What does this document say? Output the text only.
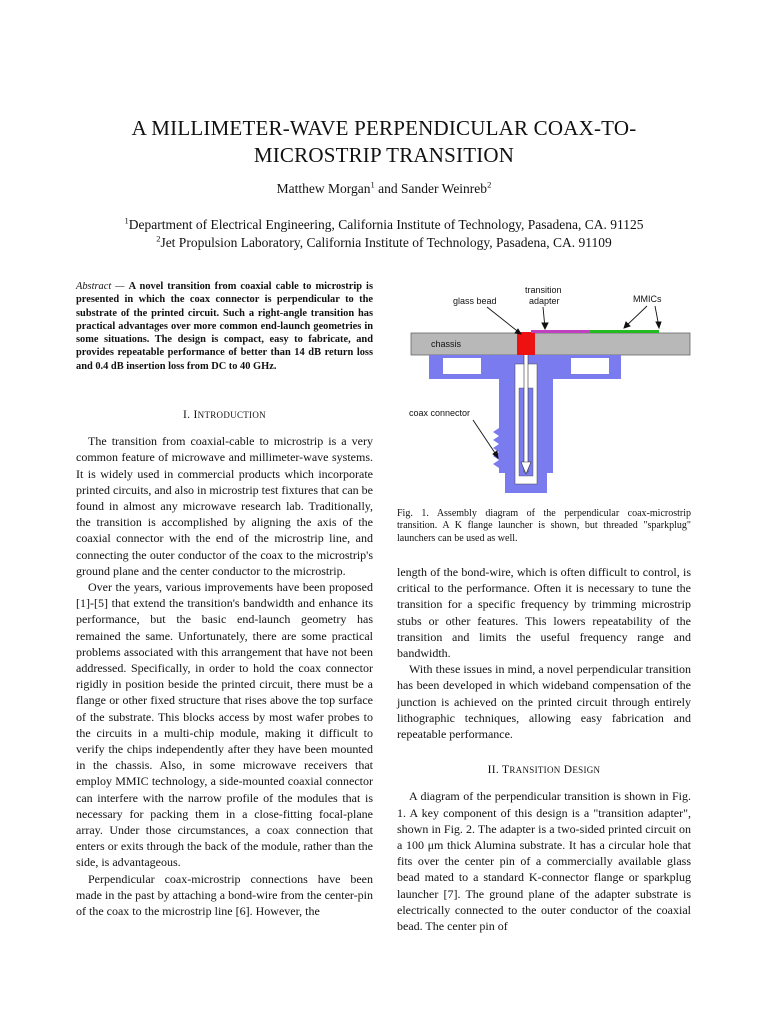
A MILLIMETER-WAVE PERPENDICULAR COAX-TO-
MICROSTRIP TRANSITION
Matthew Morgan$^1$ and Sander Weinreb$^2$
$^1$Department of Electrical Engineering, California Institute of Technology, Pasadena, CA. 91125
$^2$Jet Propulsion Laboratory, California Institute of Technology, Pasadena, CA. 91109
Abstract — A novel transition from coaxial cable to microstrip is presented in which the coax connector is perpendicular to the substrate of the printed circuit. Such a right-angle transition has practical advantages over more common end-launch geometries in some situations. The design is compact, easy to fabricate, and provides repeatable performance of better than 14 dB return loss and 0.4 dB insertion loss from DC to 40 GHz.
I. INTRODUCTION

The transition from coaxial-cable to microstrip is a very common feature of microwave and millimeter-wave systems. It is widely used in commercial products which incorporate printed circuits, and also in microstrip test fixtures that can be found in almost any microwave research lab. Traditionally, the transition is accomplished by aligning the axis of the coaxial connector with the end of the microstrip line, and connecting the outer conductor of the coax to the microstrip's ground plane and the center conductor to the microstrip.

Over the years, various improvements have been proposed [1]-[5] that extend the transition's bandwidth and enhance its performance, but the basic end-launch geometry has remained the same. Unfortunately, there are some practical problems associated with this arrangement that have not been addressed. Specifically, in order to hold the coax connector rigidly in position beside the printed circuit, there must be a flange or other fixed structure that rises above the top surface of the substrate. This blocks access by most wafer probes to the circuits in a multi-chip module, making it difficult to verify the chips independently after they have been mounted in the chassis. Also, in some microwave receivers that employ MMIC technology, a side-mounted coaxial connector can interfere with the narrow profile of the modules that is necessary for packing them in a close-fitting focal-plane array. Under those circumstances, a coax connection that enters or exits through the back of the module, rather than the side, is advantageous.

Perpendicular coax-microstrip connections have been made in the past by attaching a bond-wire from the center-pin of the coax to the microstrip line [6]. However, the

glass bead
transition
adapter	MMICs
chassis
coax connector
Fig. 1. Assembly diagram of the perpendicular coax-microstrip transition. A K flange launcher is shown, but threaded "sparkplug" launchers can be used as well.

length of the bond-wire, which is often difficult to control, is critical to the performance. Often it is necessary to tune the transition for a specific frequency by trimming microstrip stubs or other features. This lowers repeatability of the transition and limits the useful frequency range and bandwidth.

With these issues in mind, a novel perpendicular transition has been developed in which wideband compensation of the junction is achieved on the printed circuit through entirely lithographic techniques, allowing easy fabrication and repeatable performance.

II. TRANSITION DESIGN

A diagram of the perpendicular transition is shown in Fig. 1. A key component of this design is a "transition adapter", shown in Fig. 2. The adapter is a two-sided printed circuit on a 100 μm thick Alumina substrate. It has a circular hole that fits over the center pin of a commercially available glass bead mated to a standard K-connector flange or sparkplug launcher [7]. The ground plane of the adapter substrate is electrically connected to the outer conductor of the coaxial bead. The center pin of
